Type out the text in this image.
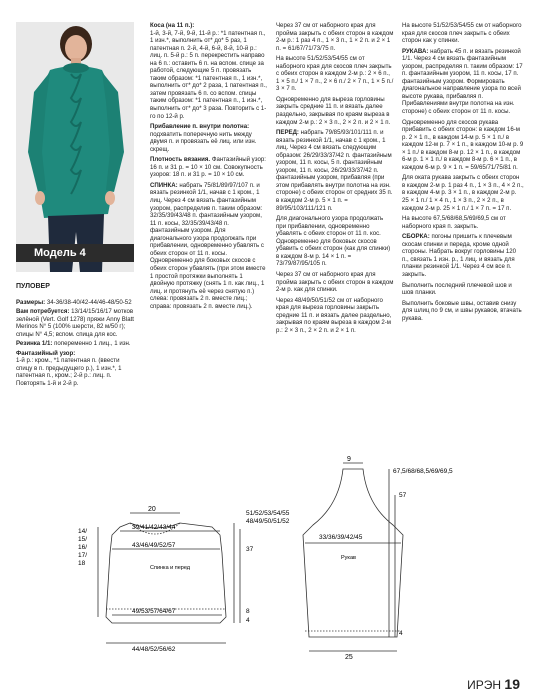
Модель 4

ПУЛОВЕР

Размеры: 34-36/38-40/42-44/46-48/50-52

Вам потребуется: 13/14/15/16/17 мотков зелёной (Vert. Golf 1278) пряжи Anny Blatt Merinos N° 5 (100% шерсти, 82 м/50 г); спицы N° 4,5; вспом. спица для кос.

Резинка 1/1: попеременно 1 лиц., 1 изн.

Фантазийный узор:
1-й р.: кром., *1 патентная п. (ввести спицу в п. предыдущего р.), 1 изн.*, 1 патентная п., кром.; 2-й р.: лиц. п. Повторять 1-й и 2-й р.

Коса (на 11 п.):

1-й, 3-й, 7-й, 9-й, 11-й р.: *1 патентная п., 1 изн.*, выполнить от* до* 5 раз, 1 патентная п. 2-й, 4-й, 6-й, 8-й, 10-й р.: лиц. п. 5-й р.: 5 п. перекрестить направо на 6 п.: оставить 6 п. на вспом. спице за работой, следующие 5 п. провязать таким образом: *1 патентная п., 1 изн.*, выполнить от* до* 2 раза, 1 патентная п., затем провязать 6 п. со вспом. спицы таким образом: *1 патентная п., 1 изн.*, выполнить от* до* 3 раза. Повторить с 1-го по 12-й р.

Прибавление п. внутри полотна: подхватить поперечную нить между двумя п. и провязать её лиц. или изн. скрещ.

Плотность вязания. Фантазийный узор: 16 п. и 31 р. = 10 × 10 см. Совокупность узоров: 18 п. и 31 р. = 10 × 10 см.

СПИНКА: набрать 75/81/89/97/107 п. и вязать резинкой 1/1, начав с 1 кром., 1 лиц. Через 4 см вязать фантазийным узором, распределив п. таким образом: 32/35/39/43/48 п. фантазийным узором, 11 п. косы, 32/35/39/43/48 п. фантазийным узором. Для диагонального узора продолжать при прибавлении, одновременно убавлять с обеих сторон от 11 п. косы. Одновременно для боковых скосов с обеих сторон убавлять (при этом вместе 1 простой протяжки выполнять 1 двойную протяжку (снять 1 п. как лиц., 1 лиц. и протянуть её через снятую п.) слева: провязать 2 п. вместе лиц.; справа: провязать 2 п. вместе лиц.).

Через 37 см от наборного края для пройма закрыть с обеих сторон в каждом 2-м р.: 1 раз 4 п., 1 × 3 п., 1 × 2 п. и 2 × 1 п. = 61/67/71/73/75 п.

На высоте 51/52/53/54/55 см от наборного края для скосов плеч закрыть с обеих сторон в каждом 2-м р.: 2 × 6 п., 1 × 5 п./ 1 × 7 п., 2 × 6 п./ 2 × 7 п., 1 × 5 п./ 3 × 7 п.

Одновременно для выреза горловины закрыть средние 11 п. и вязать далее раздельно, закрывая по краям выреза в каждом 2-м р.: 2 × 3 п., 2 × 2 п. и 2 × 1 п.

ПЕРЕД: набрать 79/85/93/101/111 п. и вязать резинкой 1/1, начав с 1 кром., 1 лиц. Через 4 см вязать следующим образом: 26/29/33/37/42 п. фантазийным узором, 11 п. косы, 5 п. фантазийным узором, 11 п. косы, 26/29/33/37/42 п. фантазийным узором, прибавляя (при этом прибавлять внутри полотна на изн. стороне) с обеих сторон от средних 35 п. в каждом 2-м р. 5 × 1 п. = 89/95/103/111/121 п.

Для диагонального узора продолжать при прибавлении, одновременно убавлять с обеих сторон от 11 п. кос. Одновременно для боковых скосов убавить с обеих сторон (как для спинки) в каждом 8-м р. 14 × 1 п. = 73/79/87/95/105 п.

Через 37 см от наборного края для пройма закрыть с обеих сторон в каждом 2-м р. как для спинки.

Через 48/49/50/51/52 см от наборного края для выреза горловины закрыть средние 11 п. и вязать далее раздельно, закрывая по краям выреза в каждом 2-м р.: 2 × 3 п., 2 × 2 п. и 2 × 1 п.

На высоте 51/52/53/54/55 см от наборного края для скосов плеч закрыть с обеих сторон как у спинки.

РУКАВА: набрать 45 п. и вязать резинкой 1/1. Через 4 см вязать фантазийным узором, распределяя п. таким образом: 17 п. фантазийным узором, 11 п. косы, 17 п. фантазийным узором. Формировать диагональное направление узора по всей высоте рукава, прибавляя п. Прибавлениями внутри полотна на изн. стороне) с обеих сторон от 11 п. косы.

Одновременно для скосов рукава прибавить с обеих сторон: в каждом 16-м р. 2 × 1 п., в каждом 14-м р. 5 × 1 п./ в каждом 12-м р. 7 × 1 п., в каждом 10-м р. 9 × 1 п./ в каждом 8-м р. 12 × 1 п., в каждом 6-м р. 1 × 1 п./ в каждом 8-м р. 6 × 1 п., в каждом 6-м р. 9 × 1 п. = 59/65/71/75/81 п.

Для оката рукава закрыть с обеих сторон в каждом 2-м р. 1 раз 4 п., 1 × 3 п., 4 × 2 п., в каждом 4-м р. 3 × 1 п., в каждом 2-м р. 25 × 1 п./ 1 × 4 п., 1 × 3 п., 2 × 2 п., в каждом 2-м р. 25 × 1 п./ 1 × 7 п. = 17 п.

На высоте 67,5/68/68,5/69/69,5 см от наборного края п. закрыть.

СБОРКА: погоны пришить к плечевым скосам спинки и переда, кроме одной стороны. Набрать вокруг горловины 120 п., связать 1 изн. р., 1 лиц. и вязать для планки резинкой 1/1. Через 4 см все п. закрыть.

Выполнить последний плечевой шов и шов планки.

Выполнить боковые швы, оставив снизу для шлиц по 9 см, и швы рукавов, втачать рукава.

20
39/41/42/43/44
43/46/49/52/57
49/53/57/64/67
44/48/52/56/62
51/52/53/54/55
48/49/50/51/52
37
8
4
14/
15/
16/
17/
18
Спинка и перед
9
33/36/39/42/45
25
67,5/68/68,5/69/69,5
57
4
Рукав
ИРЭН 19
